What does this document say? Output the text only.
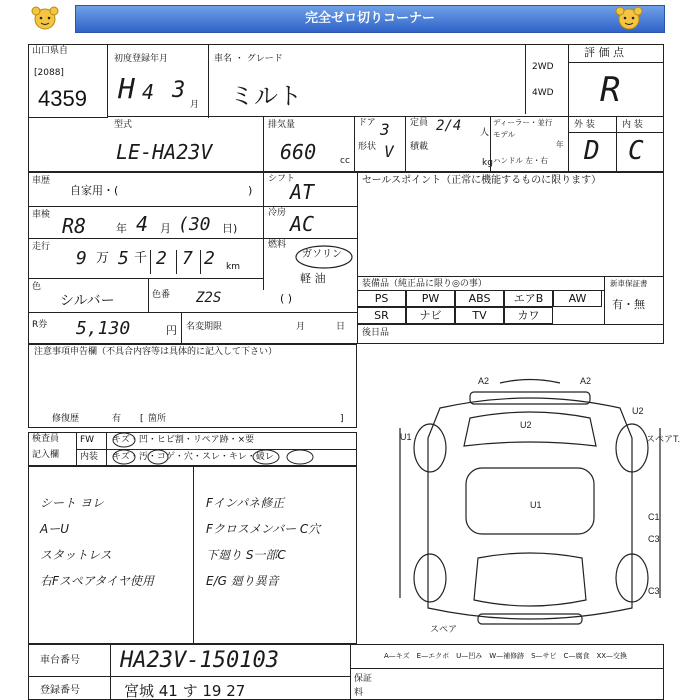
完全ゼロ切りコーナー
山口県自
[2088]
4359
初度登録年月
H 4 3
月
車名 ・ グレード
ミルト
2WD
4WD
評 価 点
R
外 装	内 装
D C
型式
LE-HA23V
排気量
660	cc
ドア 3
形状 V
定員 2/4 人
積載
kg
ディーラー・並行
モデル
年
ハンドル 左・右
車歴
自家用・(	)
シフト
AT	セールスポイント（正常に機能するものに限ります）
車検 R8	年 4 月 (30 日)
冷房 AC
走行
9 万 5 千 2 7 2 km
燃料
ガソリン
軽 油
( )
色
シルバー	色番 Z2S
装備品（純正品に限り◎の事）	新車保証書
有・無
PS	PW	ABS	エアB	AW
SR	ナビ	TV	カワ
後日品
R券 5,130	円 名変期限	月	日
注意事項申告欄（不具合内容等は具体的に記入して下さい）
修復歴	有 [ 箇所	]
検査員
記入欄
FW キズ・凹・ヒビ割・リペア跡・×要
内装 キズ・汚・コゲ・穴・スレ・キレ・破レ
シート ヨレ
AーU
スタットレス
右Fスペアタイヤ使用
Fインパネ修正
Fクロスメンバー C穴
下廻り S一部C
E/G 廻り異音
A2	A2
U2
U2
U1
U1
スペアT.
C1
C3
C3
スペア
車台番号 HA23V-150103
登録番号	宮城 41 す 19 27
A—キズ　E—エクボ　U—凹み　W—補修跡　S—サビ　C—腐食　XX—交換
保証
料
